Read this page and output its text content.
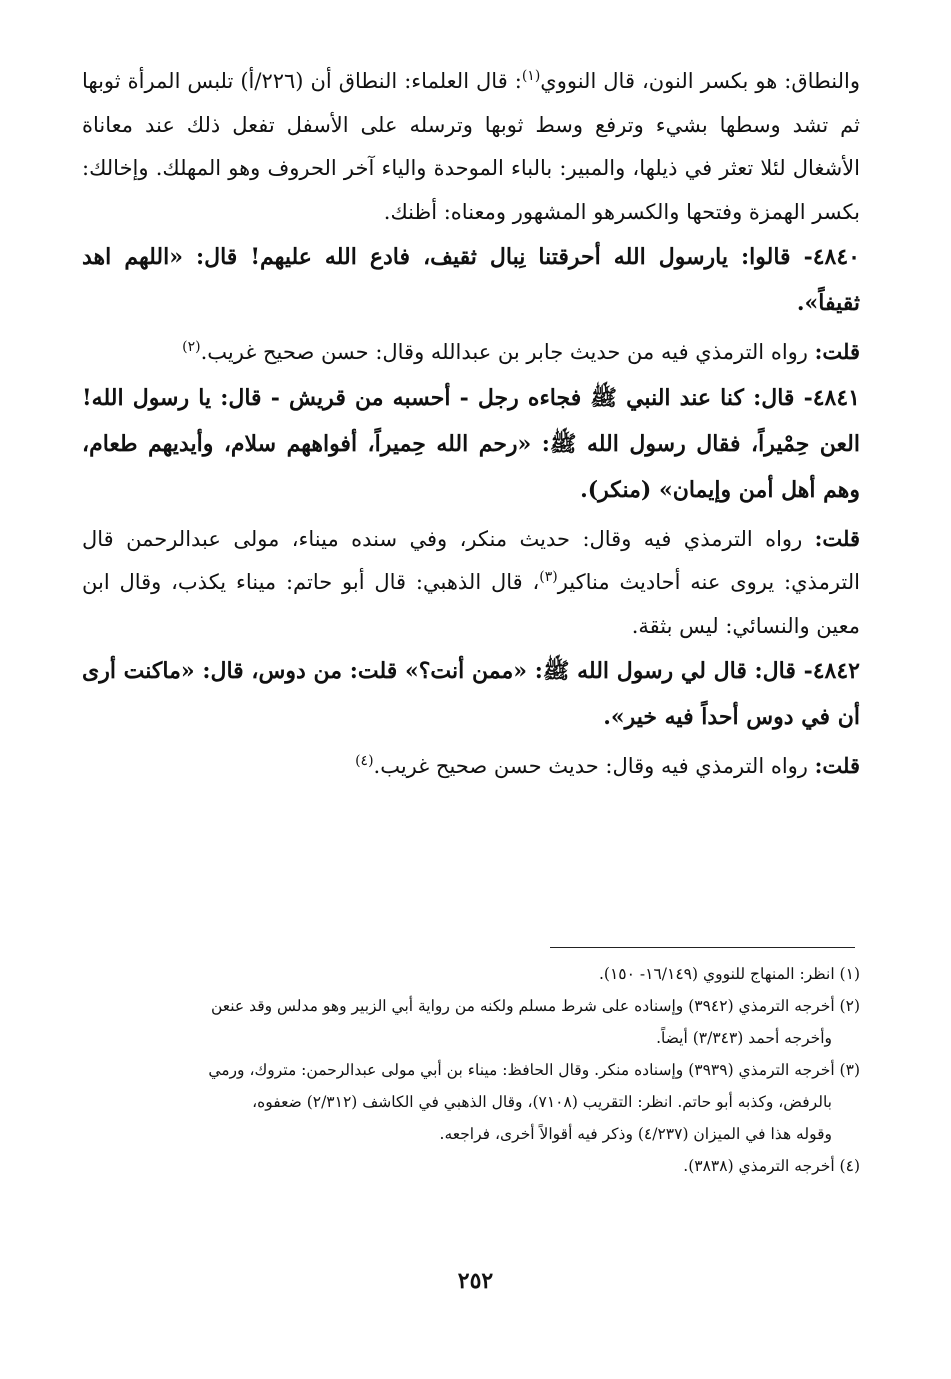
والنطاق: هو بكسر النون، قال النووي$^{(١)}$: قال العلماء: النطاق أن (٢٢٦/أ) تلبس المرأة ثوبها ثم تشد وسطها بشيء وترفع وسط ثوبها وترسله على الأسفل تفعل ذلك عند معاناة الأشغال لئلا تعثر في ذيلها، والمبير: بالباء الموحدة والياء آخر الحروف وهو المهلك. وإخالك: بكسر الهمزة وفتحها والكسرهو المشهور ومعناه: أظنك.

٤٨٤٠- قالوا: يارسول الله أحرقتنا نِبال ثقيف، فادع الله عليهم! قال: «اللهم اهد ثقيفاً».

قلت: رواه الترمذي فيه من حديث جابر بن عبدالله وقال: حسن صحيح غريب.$^{(٢)}$

٤٨٤١- قال: كنا عند النبي ﷺ فجاءه رجل - أحسبه من قريش - قال: يا رسول الله! العن حِمْيراً، فقال رسول الله ﷺ: «رحم الله حِميراً، أفواههم سلام، وأيديهم طعام، وهم أهل أمن وإيمان» (منكر).

قلت: رواه الترمذي فيه وقال: حديث منكر، وفي سنده ميناء، مولى عبدالرحمن قال الترمذي: يروى عنه أحاديث مناكير$^{(٣)}$، قال الذهبي: قال أبو حاتم: ميناء يكذب، وقال ابن معين والنسائي: ليس بثقة.

٤٨٤٢- قال: قال لي رسول الله ﷺ: «ممن أنت؟» قلت: من دوس، قال: «ماكنت أرى أن في دوس أحداً فيه خير».

قلت: رواه الترمذي فيه وقال: حديث حسن صحيح غريب.$^{(٤)}$

(١) انظر: المنهاج للنووي (١٦/١٤٩- ١٥٠).

(٢) أخرجه الترمذي (٣٩٤٢) وإسناده على شرط مسلم ولكنه من رواية أبي الزبير وهو مدلس وقد عنعن

وأخرجه أحمد (٣/٣٤٣) أيضاً.

(٣) أخرجه الترمذي (٣٩٣٩) وإسناده منكر. وقال الحافظ: ميناء بن أبي مولى عبدالرحمن: متروك، ورمي

بالرفض، وكذبه أبو حاتم. انظر: التقريب (٧١٠٨)، وقال الذهبي في الكاشف (٢/٣١٢) ضعفوه،

وقوله هذا في الميزان (٤/٢٣٧) وذكر فيه أقوالاً أخرى، فراجعه.

(٤) أخرجه الترمذي (٣٨٣٨).

٢٥٢
